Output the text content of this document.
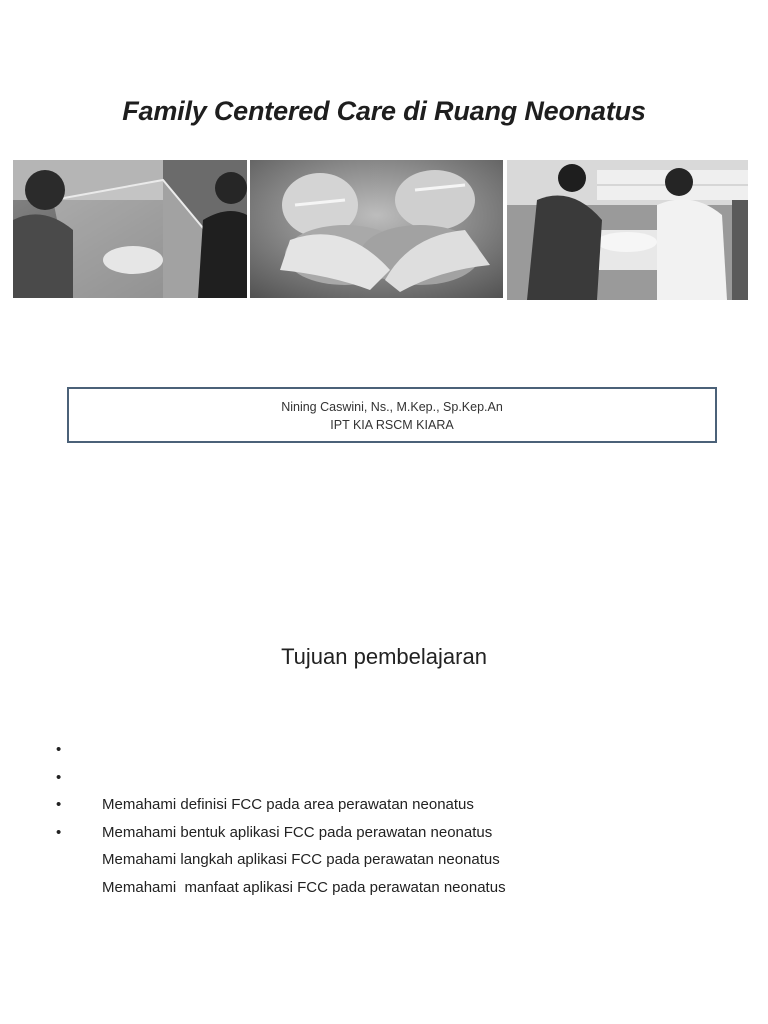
Family Centered Care di Ruang Neonatus
Nining Caswini, Ns., M.Kep., Sp.Kep.An
IPT KIA RSCM KIARA
Tujuan pembelajaran

•

Memahami definisi FCC pada area perawatan neonatus

•

Memahami bentuk aplikasi FCC pada perawatan neonatus

•

Memahami langkah aplikasi FCC pada perawatan neonatus

•

Memahami  manfaat aplikasi FCC pada perawatan neonatus
